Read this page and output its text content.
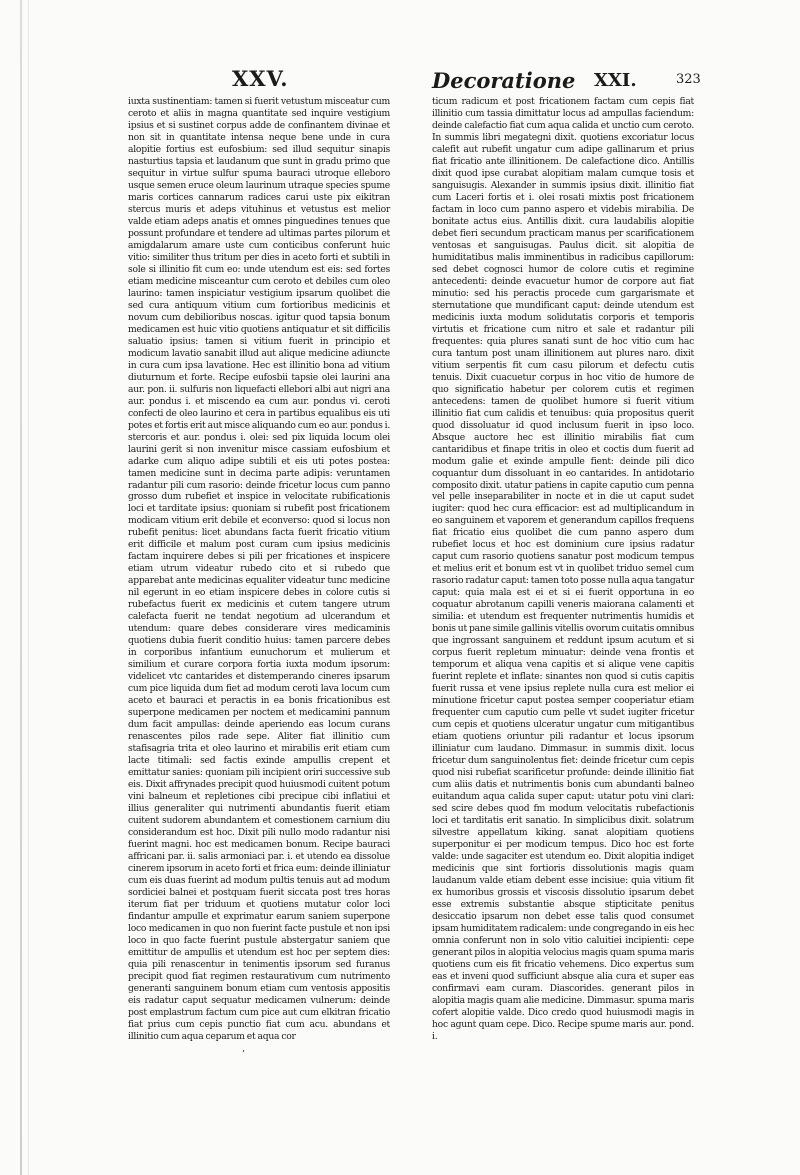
XXV.	Decoratione XXI.	323

iuxta sustinentiam: tamen si fuerit vetustum misceatur cum ceroto et aliis in magna quantitate sed inquire vestigium ipsius et si sustinet corpus adde de confinantem divinae et non sit in quantitate intensa neque bene unde in cura alopitie fortius est eufosbium: sed illud sequitur sinapis nasturtius tapsia et laudanum que sunt in gradu primo que sequitur in virtue sulfur spuma bauraci utroque elleboro usque semen eruce oleum laurinum utraque species spume maris cortices cannarum radices carui uste pix eikitran stercus muris et adeps vituhinus et vetustus est melior valde etiam adeps anatis et omnes pinguedines tenues que possunt profundare et tendere ad ultimas partes pilorum et amigdalarum amare uste cum conticibus conferunt huic vitio: similiter thus tritum per dies in aceto forti et subtili in sole si illinitio fit cum eo: unde utendum est eis: sed fortes etiam medicine misceantur cum ceroto et debiles cum oleo laurino: tamen inspiciatur vestigium ipsarum quolibet die sed cura antiquum vitium cum fortioribus medicinis et novum cum debilioribus noscas. igitur quod tapsia bonum medicamen est huic vitio quotiens antiquatur et sit difficilis saluatio ipsius: tamen si vitium fuerit in principio et modicum lavatio sanabit illud aut alique medicine adiuncte in cura cum ipsa lavatione. Hec est illinitio bona ad vitium diuturnum et forte. Recipe eufosbii tapsie olei laurini ana aur. pon. ii. sulfuris non liquefacti ellebori albi aut nigri ana aur. pondus i. et miscendo ea cum aur. pondus vi. ceroti confecti de oleo laurino et cera in partibus equalibus eis uti potes et fortis erit aut misce aliquando cum eo aur. pondus i. stercoris et aur. pondus i. olei: sed pix liquida locum olei laurini gerit si non invenitur misce cassiam eufosbium et adarke cum aliquo adipe subtili et eis uti potes postea: tamen medicine sunt in decima parte adipis: veruntamen radantur pili cum rasorio: deinde fricetur locus cum panno grosso dum rubefiet et inspice in velocitate rubificationis loci et tarditate ipsius: quoniam si rubefit post fricationem modicam vitium erit debile et econverso: quod si locus non rubefit penitus: licet abundans facta fuerit fricatio vitium erit difficile et malum post curam cum ipsius medicinis factam inquirere debes si pili per fricationes et inspicere etiam utrum videatur rubedo cito et si rubedo que apparebat ante medicinas equaliter videatur tunc medicine nil egerunt in eo etiam inspicere debes in colore cutis si rubefactus fuerit ex medicinis et cutem tangere utrum calefacta fuerit ne tendat negotium ad ulcerandum et utendum: quare debes considerare vires medicaminis quotiens dubia fuerit conditio huius: tamen parcere debes in corporibus infantium eunuchorum et mulierum et similium et curare corpora fortia iuxta modum ipsorum: videlicet vtc cantarides et distemperando cineres ipsarum cum pice liquida dum fiet ad modum ceroti lava locum cum aceto et bauraci et peractis in ea bonis fricationibus est superpone medicamen per noctem et medicamini pannum dum facit ampullas: deinde aperiendo eas locum curans renascentes pilos rade sepe. Aliter fiat illinitio cum stafisagria trita et oleo laurino et mirabilis erit etiam cum lacte titimali: sed factis exinde ampullis crepent et emittatur sanies: quoniam pili incipient oriri successive sub eis. Dixit affrynades precipit quod huiusmodi cuitent potum vini balneum et repletiones cibi precipue cibi inflatiui et illius generaliter qui nutrimenti abundantis fuerit etiam cuitent sudorem abundantem et comestionem carnium diu considerandum est hoc. Dixit pili nullo modo radantur nisi fuerint magni. hoc est medicamen bonum. Recipe bauraci affricani par. ii. salis armoniaci par. i. et utendo ea dissolue cinerem ipsorum in aceto forti et frica eum: deinde illiniatur cum eis duas fuerint ad modum pultis tenuis aut ad modum sordiciei balnei et postquam fuerit siccata post tres horas iterum fiat per triduum et quotiens mutatur color loci findantur ampulle et exprimatur earum saniem superpone loco medicamen in quo non fuerint facte pustule et non ipsi loco in quo facte fuerint pustule abstergatur saniem que emittitur de ampullis et utendum est hoc per septem dies: quia pili renascentur in tenimentis ipsorum sed furanus precipit quod fiat regimen restaurativum cum nutrimento generanti sanguinem bonum etiam cum ventosis appositis eis radatur caput sequatur medicamen vulnerum: deinde post emplastrum factum cum pice aut cum elkitran fricatio fiat prius cum cepis punctio fiat cum acu. abundans et illinitio cum aqua ceparum et aqua cor

ticum radicum et post fricationem factam cum cepis fiat illinitio cum tassia dimittatur locus ad ampullas faciendum: deinde calefactio fiat cum aqua calida et unctio cum ceroto. In summis libri megategni dixit. quotiens excoriatur locus calefit aut rubefit ungatur cum adipe gallinarum et prius fiat fricatio ante illinitionem. De calefactione dico. Antillis dixit quod ipse curabat alopitiam malam cumque tosis et sanguisugis. Alexander in summis ipsius dixit. illinitio fiat cum Laceri fortis et i. olei rosati mixtis post fricationem factam in loco cum panno aspero et videbis mirabilia. De bonitate actus eius. Antillis dixit. cura laudabilis alopitie debet fieri secundum practicam manus per scarificationem ventosas et sanguisugas. Paulus dicit. sit alopitia de humiditatibus malis imminentibus in radicibus capillorum: sed debet cognosci humor de colore cutis et regimine antecedenti: deinde evacuetur humor de corpore aut fiat minutio: sed his peractis procede cum gargarismate et sternutatione que mundificant caput: deinde utendum est medicinis iuxta modum solidutatis corporis et temporis virtutis et fricatione cum nitro et sale et radantur pili frequentes: quia plures sanati sunt de hoc vitio cum hac cura tantum post unam illinitionem aut plures naro. dixit vitium serpentis fit cum casu pilorum et defectu cutis tenuis. Dixit cuacuetur corpus in hoc vitio de humore de quo significatio habetur per colorem cutis et regimen antecedens: tamen de quolibet humore si fuerit vitium illinitio fiat cum calidis et tenuibus: quia propositus querit quod dissoluatur id quod inclusum fuerit in ipso loco. Absque auctore hec est illinitio mirabilis fiat cum cantaridibus et finape tritis in oleo et coctis dum fuerit ad modum galie et exinde ampulle fient: deinde pili dico coquantur dum dissoluant in eo cantarides. In antidotario composito dixit. utatur patiens in capite caputio cum penna vel pelle inseparabiliter in nocte et in die ut caput sudet iugiter: quod hec cura efficacior: est ad multiplicandum in eo sanguinem et vaporem et generandum capillos frequens fiat fricatio eius quolibet die cum panno aspero dum rubefiet locus et hoc est dominium cure ipsius radatur caput cum rasorio quotiens sanatur post modicum tempus et melius erit et bonum est vt in quolibet triduo semel cum rasorio radatur caput: tamen toto posse nulla aqua tangatur caput: quia mala est ei et si ei fuerit opportuna in eo coquatur abrotanum capilli veneris maiorana calamenti et similia: et utendum est frequenter nutrimentis humidis et bonis ut pane simile gallinis vitellis ovorum cuitatis omnibus que ingrossant sanguinem et reddunt ipsum acutum et si corpus fuerit repletum minuatur: deinde vena frontis et temporum et aliqua vena capitis et si alique vene capitis fuerint replete et inflate: sinantes non quod si cutis capitis fuerit russa et vene ipsius replete nulla cura est melior ei minutione fricetur caput postea semper cooperiatur etiam frequenter cum caputio cum pelle vt sudet iugiter fricetur cum cepis et quotiens ulceratur ungatur cum mitigantibus etiam quotiens oriuntur pili radantur et locus ipsorum illiniatur cum laudano. Dimmasur. in summis dixit. locus fricetur dum sanguinolentus fiet: deinde fricetur cum cepis quod nisi rubefiat scarificetur profunde: deinde illinitio fiat cum aliis datis et nutrimentis bonis cum abundanti balneo euitandum aqua calida super caput: utatur potu vini clari: sed scire debes quod fm modum velocitatis rubefactionis loci et tarditatis erit sanatio. In simplicibus dixit. solatrum silvestre appellatum kiking. sanat alopitiam quotiens superponitur ei per modicum tempus. Dico hoc est forte valde: unde sagaciter est utendum eo. Dixit alopitia indiget medicinis que sint fortioris dissolutionis magis quam laudanum valde etiam debent esse incisiue: quia vitium fit ex humoribus grossis et viscosis dissolutio ipsarum debet esse extremis substantie absque stipticitate penitus desiccatio ipsarum non debet esse talis quod consumet ipsam humiditatem radicalem: unde congregando in eis hec omnia conferunt non in solo vitio caluitiei incipienti: cepe generant pilos in alopitia velocius magis quam spuma maris quotiens cum eis fit fricatio vehemens. Dico expertus sum eas et inveni quod sufficiunt absque alia cura et super eas confirmavi eam curam. Diascorides. generant pilos in alopitia magis quam alie medicine. Dimmasur. spuma maris cofert alopitie valde. Dico credo quod huiusmodi magis in hoc agunt quam cepe. Dico. Recipe spume maris aur. pond. i.

’
